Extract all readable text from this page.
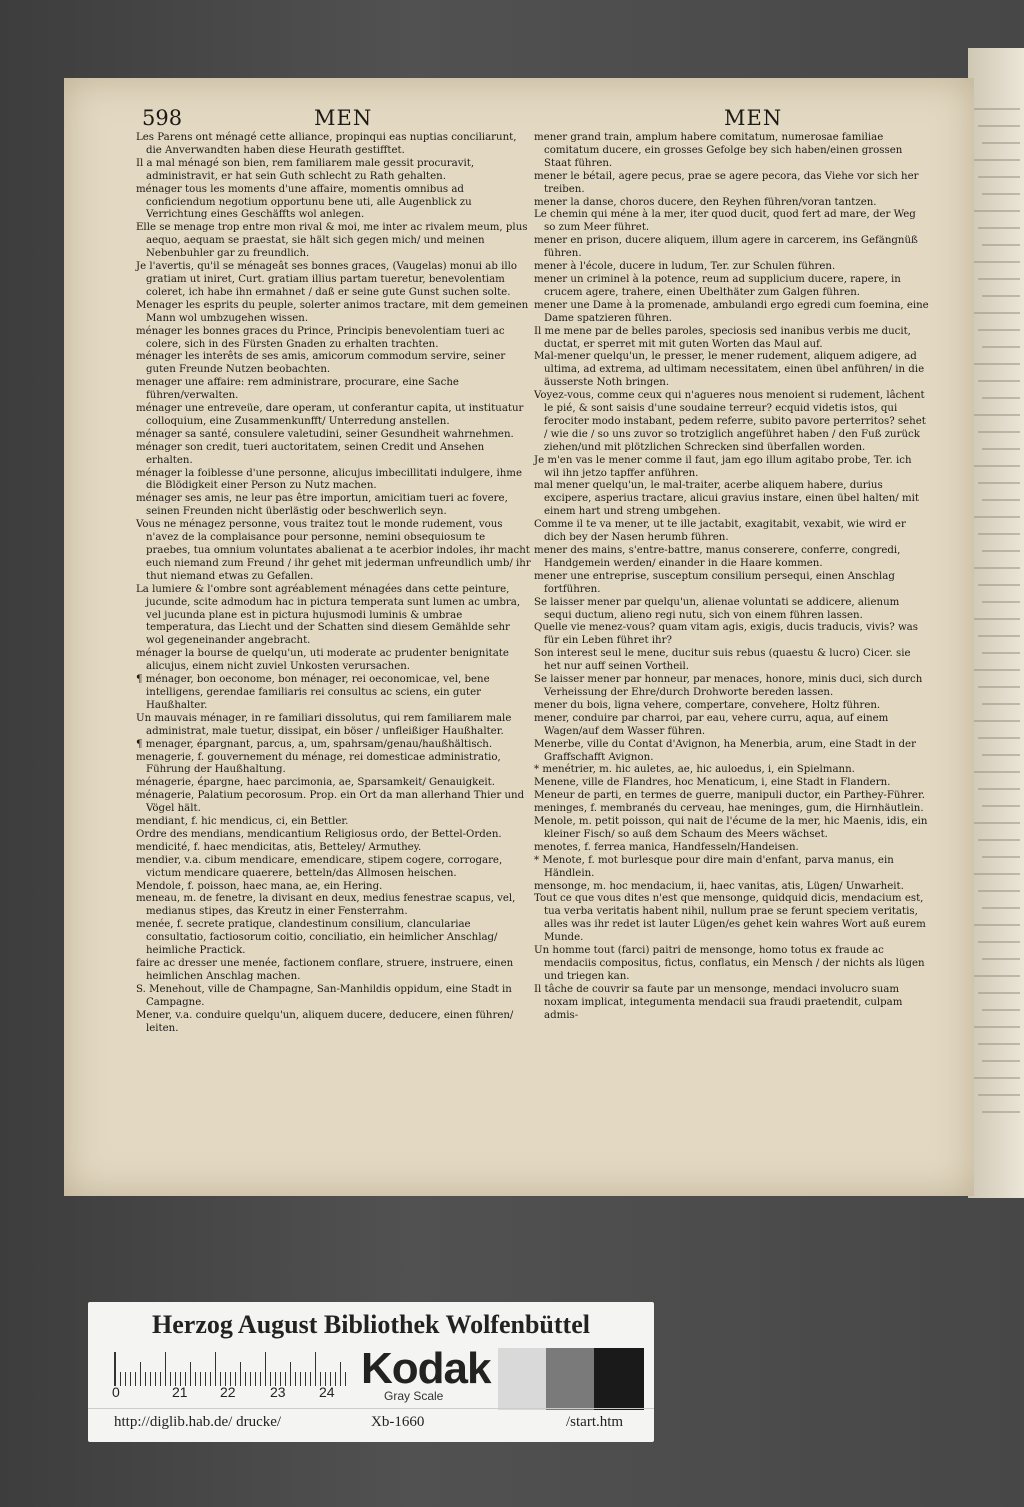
598	MEN	MEN

Les Parens ont ménagé cette alliance, propinqui eas nuptias conciliarunt, die Anverwandten haben diese Heurath gestifftet.

Il a mal ménagé son bien, rem familiarem male gessit procuravit, administravit, er hat sein Guth schlecht zu Rath gehalten.

ménager tous les moments d'une affaire, momentis omnibus ad conficiendum negotium opportunu bene uti, alle Augenblick zu Verrichtung eines Geschäffts wol anlegen.

Elle se menage trop entre mon rival & moi, me inter ac rivalem meum, plus aequo, aequam se praestat, sie hält sich gegen mich/ und meinen Nebenbuhler gar zu freundlich.

Je l'avertis, qu'il se ménageât ses bonnes graces, (Vaugelas) monui ab illo gratiam ut iniret, Curt. gratiam illius partam tueretur, benevolentiam coleret, ich habe ihn ermahnet / daß er seine gute Gunst suchen solte.

Menager les esprits du peuple, solerter animos tractare, mit dem gemeinen Mann wol umbzugehen wissen.

ménager les bonnes graces du Prince, Principis benevolentiam tueri ac colere, sich in des Fürsten Gnaden zu erhalten trachten.

ménager les interêts de ses amis, amicorum commodum servire, seiner guten Freunde Nutzen beobachten.

menager une affaire: rem administrare, procurare, eine Sache führen/verwalten.

ménager une entreveüe, dare operam, ut conferantur capita, ut instituatur colloquium, eine Zusammenkunfft/ Unterredung anstellen.

ménager sa santé, consulere valetudini, seiner Gesundheit wahrnehmen.

ménager son credit, tueri auctoritatem, seinen Credit und Ansehen erhalten.

ménager la foiblesse d'une personne, alicujus imbecillitati indulgere, ihme die Blödigkeit einer Person zu Nutz machen.

ménager ses amis, ne leur pas être importun, amicitiam tueri ac fovere, seinen Freunden nicht überlästig oder beschwerlich seyn.

Vous ne ménagez personne, vous traitez tout le monde rudement, vous n'avez de la complaisance pour personne, nemini obsequiosum te praebes, tua omnium voluntates abalienat a te acerbior indoles, ihr macht euch niemand zum Freund / ihr gehet mit jederman unfreundlich umb/ ihr thut niemand etwas zu Gefallen.

La lumiere & l'ombre sont agréablement ménagées dans cette peinture, jucunde, scite admodum hac in pictura temperata sunt lumen ac umbra, vel jucunda plane est in pictura hujusmodi luminis & umbrae temperatura, das Liecht und der Schatten sind diesem Gemählde sehr wol gegeneinander angebracht.

ménager la bourse de quelqu'un, uti moderate ac prudenter benignitate alicujus, einem nicht zuviel Unkosten verursachen.

¶ ménager, bon oeconome, bon ménager, rei oeconomicae, vel, bene intelligens, gerendae familiaris rei consultus ac sciens, ein guter Haußhalter.

Un mauvais ménager, in re familiari dissolutus, qui rem familiarem male administrat, male tuetur, dissipat, ein böser / unfleißiger Haußhalter.

¶ menager, épargnant, parcus, a, um, spahrsam/genau/haußhältisch.

menagerie, f. gouvernement du ménage, rei domesticae administratio, Führung der Haußhaltung.

ménagerie, épargne, haec parcimonia, ae, Sparsamkeit/ Genauigkeit.

ménagerie, Palatium pecorosum. Prop. ein Ort da man allerhand Thier und Vögel hält.

mendiant, f. hic mendicus, ci, ein Bettler.

Ordre des mendians, mendicantium Religiosus ordo, der Bettel-Orden.

mendicité, f. haec mendicitas, atis, Betteley/ Armuthey.

mendier, v.a. cibum mendicare, emendicare, stipem cogere, corrogare, victum mendicare quaerere, betteln/das Allmosen heischen.

Mendole, f. poisson, haec mana, ae, ein Hering.

meneau, m. de fenetre, la divisant en deux, medius fenestrae scapus, vel, medianus stipes, das Kreutz in einer Fensterrahm.

menée, f. secrete pratique, clandestinum consilium, clanculariae consultatio, factiosorum coitio, conciliatio, ein heimlicher Anschlag/ heimliche Practick.

faire ac dresser une menée, factionem conflare, struere, instruere, einen heimlichen Anschlag machen.

S. Menehout, ville de Champagne, San-Manhildis oppidum, eine Stadt in Campagne.

Mener, v.a. conduire quelqu'un, aliquem ducere, deducere, einen führen/ leiten.

mener grand train, amplum habere comitatum, numerosae familiae comitatum ducere, ein grosses Gefolge bey sich haben/einen grossen Staat führen.

mener le bétail, agere pecus, prae se agere pecora, das Viehe vor sich her treiben.

mener la danse, choros ducere, den Reyhen führen/voran tantzen.

Le chemin qui méne à la mer, iter quod ducit, quod fert ad mare, der Weg so zum Meer führet.

mener en prison, ducere aliquem, illum agere in carcerem, ins Gefängnüß führen.

mener à l'école, ducere in ludum, Ter. zur Schulen führen.

mener un criminel à la potence, reum ad supplicium ducere, rapere, in crucem agere, trahere, einen Ubelthäter zum Galgen führen.

mener une Dame à la promenade, ambulandi ergo egredi cum foemina, eine Dame spatzieren führen.

Il me mene par de belles paroles, speciosis sed inanibus verbis me ducit, ductat, er sperret mit mit guten Worten das Maul auf.

Mal-mener quelqu'un, le presser, le mener rudement, aliquem adigere, ad ultima, ad extrema, ad ultimam necessitatem, einen übel anführen/ in die äusserste Noth bringen.

Voyez-vous, comme ceux qui n'agueres nous menoient si rudement, lâchent le pié, & sont saisis d'une soudaine terreur? ecquid videtis istos, qui ferociter modo instabant, pedem referre, subito pavore perterritos? sehet / wie die / so uns zuvor so trotziglich angeführet haben / den Fuß zurück ziehen/und mit plötzlichen Schrecken sind überfallen worden.

Je m'en vas le mener comme il faut, jam ego illum agitabo probe, Ter. ich wil ihn jetzo tapffer anführen.

mal mener quelqu'un, le mal-traiter, acerbe aliquem habere, durius excipere, asperius tractare, alicui gravius instare, einen übel halten/ mit einem hart und streng umbgehen.

Comme il te va mener, ut te ille jactabit, exagitabit, vexabit, wie wird er dich bey der Nasen herumb führen.

mener des mains, s'entre-battre, manus conserere, conferre, congredi, Handgemein werden/ einander in die Haare kommen.

mener une entreprise, susceptum consilium persequi, einen Anschlag fortführen.

Se laisser mener par quelqu'un, alienae voluntati se addicere, alienum sequi ductum, alieno regi nutu, sich von einem führen lassen.

Quelle vie menez-vous? quam vitam agis, exigis, ducis traducis, vivis? was für ein Leben führet ihr?

Son interest seul le mene, ducitur suis rebus (quaestu & lucro) Cicer. sie het nur auff seinen Vortheil.

Se laisser mener par honneur, par menaces, honore, minis duci, sich durch Verheissung der Ehre/durch Drohworte bereden lassen.

mener du bois, ligna vehere, compertare, convehere, Holtz führen.

mener, conduire par charroi, par eau, vehere curru, aqua, auf einem Wagen/auf dem Wasser führen.

Menerbe, ville du Contat d'Avignon, ha Menerbia, arum, eine Stadt in der Graffschafft Avignon.

* menétrier, m. hic auletes, ae, hic auloedus, i, ein Spielmann.

Menene, ville de Flandres, hoc Menaticum, i, eine Stadt in Flandern.

Meneur de parti, en termes de guerre, manipuli ductor, ein Parthey-Führer.

meninges, f. membranés du cerveau, hae meninges, gum, die Hirnhäutlein.

Menole, m. petit poisson, qui nait de l'écume de la mer, hic Maenis, idis, ein kleiner Fisch/ so auß dem Schaum des Meers wächset.

menotes, f. ferrea manica, Handfesseln/Handeisen.

* Menote, f. mot burlesque pour dire main d'enfant, parva manus, ein Händlein.

mensonge, m. hoc mendacium, ii, haec vanitas, atis, Lügen/ Unwarheit.

Tout ce que vous dites n'est que mensonge, quidquid dicis, mendacium est, tua verba veritatis habent nihil, nullum prae se ferunt speciem veritatis, alles was ihr redet ist lauter Lügen/es gehet kein wahres Wort auß eurem Munde.

Un homme tout (farci) paitri de mensonge, homo totus ex fraude ac mendaciis compositus, fictus, conflatus, ein Mensch / der nichts als lügen und triegen kan.

Il tâche de couvrir sa faute par un mensonge, mendaci involucro suam noxam implicat, integumenta mendacii sua fraudi praetendit, culpam admis-

Herzog August Bibliothek Wolfenbüttel
0	21 22 23 24 Kodak
Gray Scale
http://diglib.hab.de/ drucke/	Xb-1660	/start.htm
